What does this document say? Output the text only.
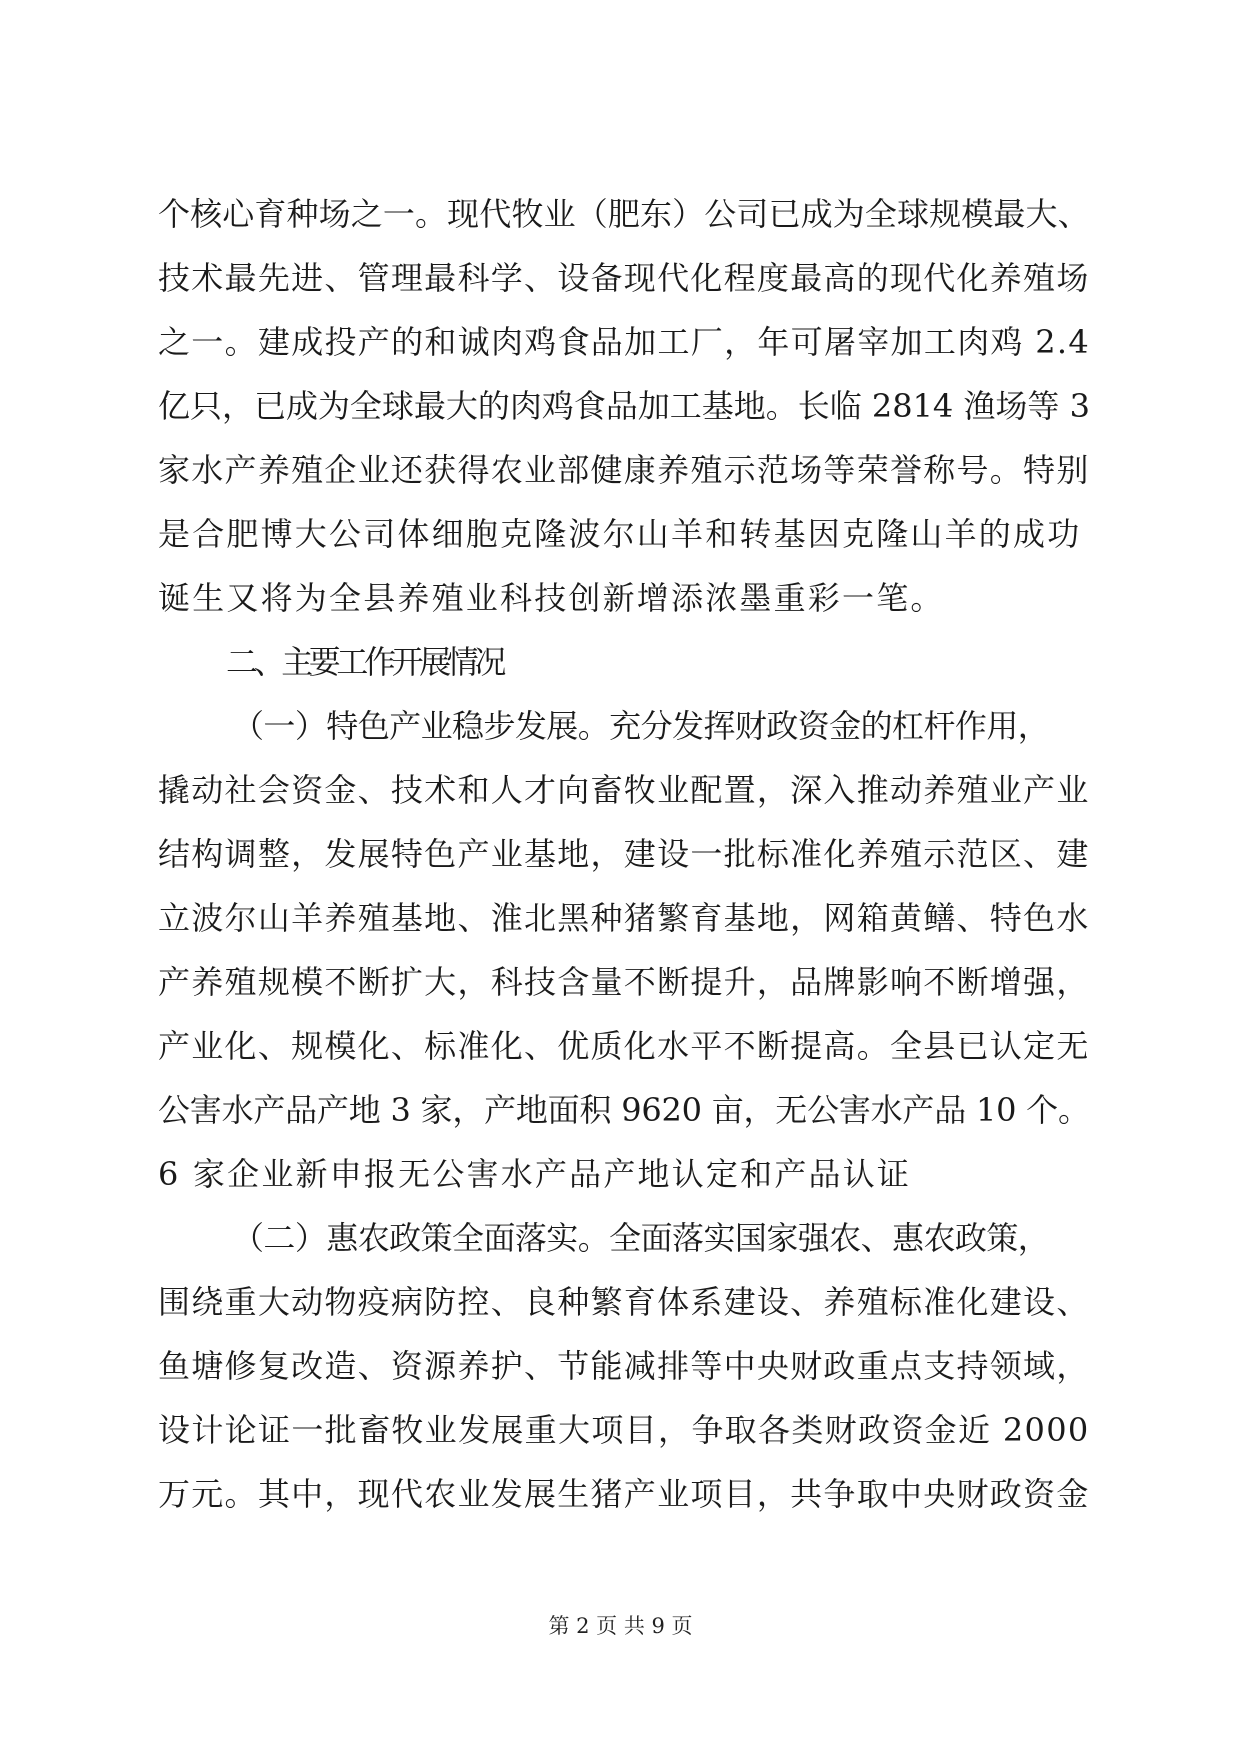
个核心育种场之一。现代牧业（肥东）公司已成为全球规模最大、
技术最先进、管理最科学、设备现代化程度最高的现代化养殖场
之一。建成投产的和诚肉鸡食品加工厂，年可屠宰加工肉鸡 2.4
亿只，已成为全球最大的肉鸡食品加工基地。长临 2814 渔场等 3
家水产养殖企业还获得农业部健康养殖示范场等荣誉称号。特别
是合肥博大公司体细胞克隆波尔山羊和转基因克隆山羊的成功
诞生又将为全县养殖业科技创新增添浓墨重彩一笔。
二、主要工作开展情况
（一）特色产业稳步发展。充分发挥财政资金的杠杆作用，
撬动社会资金、技术和人才向畜牧业配置，深入推动养殖业产业
结构调整，发展特色产业基地，建设一批标准化养殖示范区、建
立波尔山羊养殖基地、淮北黑种猪繁育基地，网箱黄鳝、特色水
产养殖规模不断扩大，科技含量不断提升，品牌影响不断增强，
产业化、规模化、标准化、优质化水平不断提高。全县已认定无
公害水产品产地 3 家，产地面积 9620 亩，无公害水产品 10 个。
6 家企业新申报无公害水产品产地认定和产品认证
（二）惠农政策全面落实。全面落实国家强农、惠农政策，
围绕重大动物疫病防控、良种繁育体系建设、养殖标准化建设、
鱼塘修复改造、资源养护、节能减排等中央财政重点支持领域，
设计论证一批畜牧业发展重大项目，争取各类财政资金近 2000
万元。其中，现代农业发展生猪产业项目，共争取中央财政资金
第 2 页 共 9 页
